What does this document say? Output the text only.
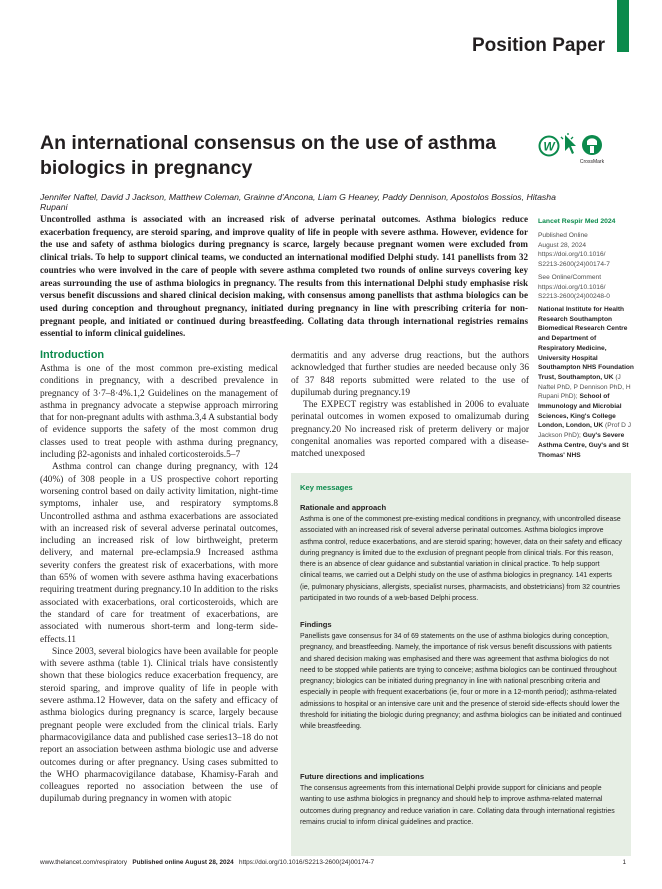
Position Paper
An international consensus on the use of asthma biologics in pregnancy
W
CrossMark
Jennifer Naftel, David J Jackson, Matthew Coleman, Grainne d'Ancona, Liam G Heaney, Paddy Dennison, Apostolos Bossios, Hitasha Rupani
Uncontrolled asthma is associated with an increased risk of adverse perinatal outcomes. Asthma biologics reduce exacerbation frequency, are steroid sparing, and improve quality of life in people with severe asthma. However, evidence for the use and safety of asthma biologics during pregnancy is scarce, largely because pregnant women were excluded from clinical trials. To help to support clinical teams, we conducted an international modified Delphi study. 141 panellists from 32 countries who were involved in the care of people with severe asthma completed two rounds of online surveys covering key areas surrounding the use of asthma biologics in pregnancy. The results from this international Delphi study emphasise risk versus benefit discussions and shared clinical decision making, with consensus among panellists that asthma biologics can be used during conception and throughout pregnancy, initiated during pregnancy in line with prescribing criteria for non-pregnant people, and initiated or continued during breastfeeding. Collating data through international registries remains essential to inform clinical guidelines.
Lancet Respir Med 2024
Published Online
August 28, 2024
https://doi.org/10.1016/
S2213-2600(24)00174-7
See Online/Comment
https://doi.org/10.1016/
S2213-2600(24)00248-0
National Institute for Health Research Southampton Biomedical Research Centre and Department of Respiratory Medicine, University Hospital Southampton NHS Foundation Trust, Southampton, UK (J Naftel PhD, P Dennison PhD, H Rupani PhD); School of Immunology and Microbial Sciences, King's College London, London, UK (Prof D J Jackson PhD); Guy's Severe Asthma Centre, Guy's and St Thomas' NHS
Introduction

Asthma is one of the most common pre-existing medical conditions in pregnancy, with a described prevalence in pregnancy of 3·7–8·4%.1,2 Guidelines on the management of asthma in pregnancy advocate a stepwise approach mirroring that for non-pregnant adults with asthma.3,4 A substantial body of evidence supports the safety of the most common drug classes used to treat people with asthma during pregnancy, including β2-agonists and inhaled corticosteroids.5–7

Asthma control can change during pregnancy, with 124 (40%) of 308 people in a US prospective cohort reporting worsening control based on daily activity limitation, night-time symptoms, inhaler use, and respiratory symptoms.8 Uncontrolled asthma and asthma exacerbations are associated with an increased risk of several adverse perinatal outcomes, including an increased risk of low birthweight, preterm delivery, and maternal pre-eclampsia.9 Increased asthma severity confers the greatest risk of exacerbations, with more than 65% of women with severe asthma having exacerbations requiring treatment during pregnancy.10 In addition to the risks associated with exacerbations, oral corticosteroids, which are the standard of care for treatment of exacerbations, are associated with numerous short-term and long-term side-effects.11

Since 2003, several biologics have been available for people with severe asthma (table 1). Clinical trials have consistently shown that these biologics reduce exacerbation frequency, are steroid sparing, and improve quality of life in people with severe asthma.12 However, data on the safety and efficacy of asthma biologics during pregnancy is scarce, largely because pregnant people were excluded from the clinical trials. Early pharmacovigilance data and published case series13–18 do not report an association between asthma biologic use and adverse outcomes during or after pregnancy. Using cases submitted to the WHO pharmacovigilance database, Khamisy-Farah and colleagues reported no association between the use of dupilumab during pregnancy in women with atopic

dermatitis and any adverse drug reactions, but the authors acknowledged that further studies are needed because only 36 of 37 848 reports submitted were related to the use of dupilumab during pregnancy.19

The EXPECT registry was established in 2006 to evaluate perinatal outcomes in women exposed to omalizumab during pregnancy.20 No increased risk of preterm delivery or major congenital anomalies was reported compared with a disease-matched unexposed

Key messages
Rationale and approach
Asthma is one of the commonest pre-existing medical conditions in pregnancy, with uncontrolled disease associated with an increased risk of several adverse perinatal outcomes. Asthma biologics improve asthma control, reduce exacerbations, and are steroid sparing; however, data on their safety and efficacy during pregnancy is limited due to the exclusion of pregnant people from clinical trials. For this reason, there is an absence of clear guidance and substantial variation in clinical practice. To help support clinical teams, we carried out a Delphi study on the use of asthma biologics in pregnancy. 141 experts (ie, pulmonary physicians, allergists, specialist nurses, pharmacists, and obstetricians) from 32 countries participated in two rounds of a web-based Delphi process.
Findings
Panellists gave consensus for 34 of 69 statements on the use of asthma biologics during conception, pregnancy, and breastfeeding. Namely, the importance of risk versus benefit discussions with patients and shared decision making was emphasised and there was agreement that asthma biologics do not need to be stopped while patients are trying to conceive; asthma biologics can be continued throughout pregnancy; biologics can be initiated during pregnancy in line with national prescribing criteria and especially in people with frequent exacerbations (ie, four or more in a 12-month period); asthma-related admissions to hospital or an intensive care unit and the presence of steroid side-effects should lower the threshold for initiating the biologic during pregnancy; and asthma biologics can be initiated and continued while breastfeeding.
Future directions and implications
The consensus agreements from this international Delphi provide support for clinicians and people wanting to use asthma biologics in pregnancy and should help to improve asthma-related maternal outcomes during pregnancy and reduce variation in care. Collating data through international registries remains crucial to inform clinical guidelines and practice.
www.thelancet.com/respiratory Published online August 28, 2024 https://doi.org/10.1016/S2213-2600(24)00174-7	1
